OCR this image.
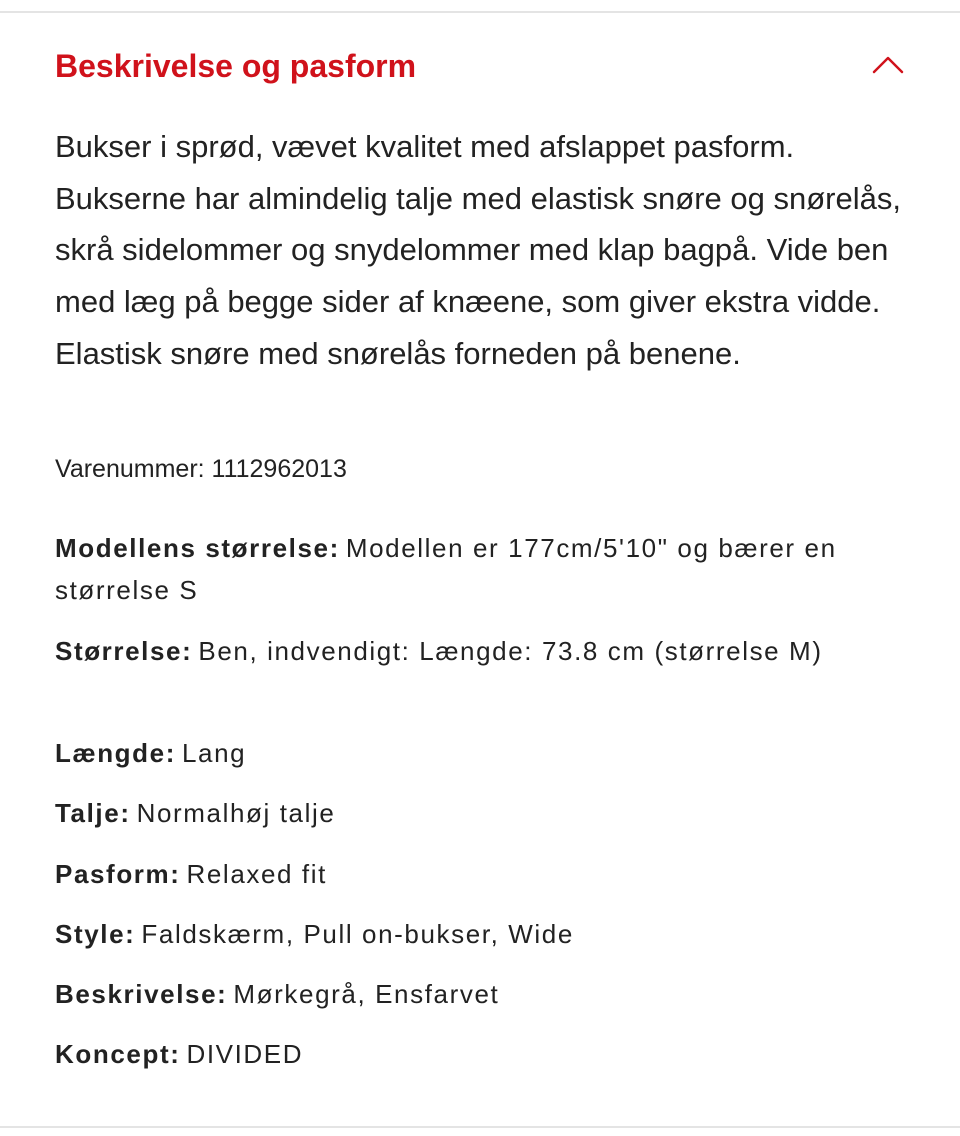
Beskrivelse og pasform

Bukser i sprød, vævet kvalitet med afslappet pasform. Bukserne har almindelig talje med elastisk snøre og snørelås, skrå sidelommer og snydelommer med klap bagpå. Vide ben med læg på begge sider af knæene, som giver ekstra vidde. Elastisk snøre med snørelås forneden på benene.

Varenummer: 1112962013
Modellens størrelse: Modellen er 177cm/5'10" og bærer en størrelse S
Størrelse: Ben, indvendigt: Længde: 73.8 cm (størrelse M)
Længde: Lang
Talje: Normalhøj talje
Pasform: Relaxed fit
Style: Faldskærm, Pull on-bukser, Wide
Beskrivelse: Mørkegrå, Ensfarvet
Koncept: DIVIDED
